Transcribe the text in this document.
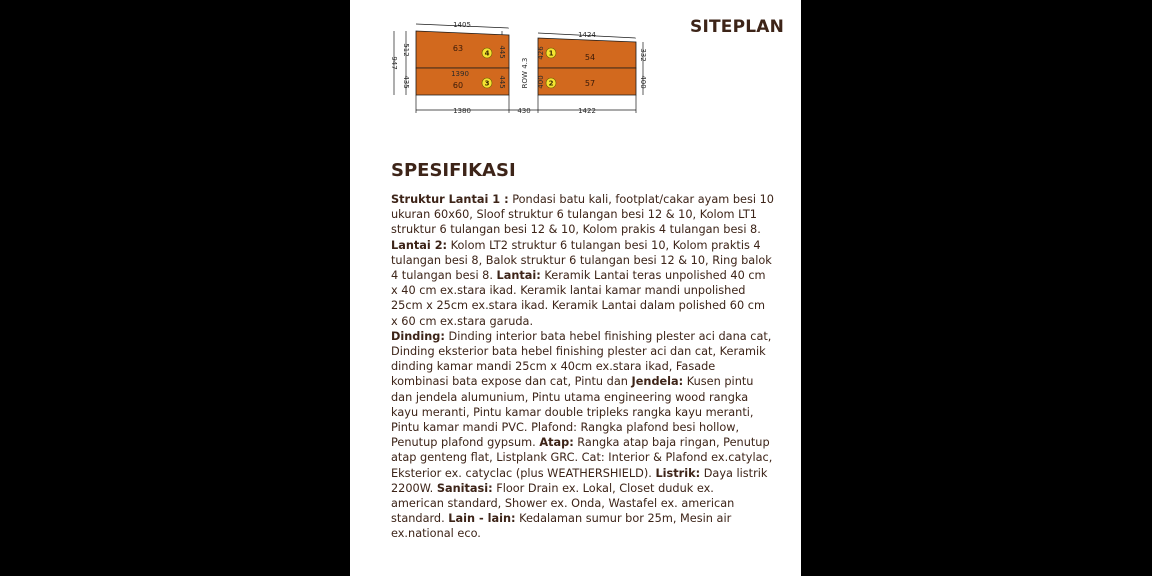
SITEPLAN
63
60
54
57
4
3
1
2
1405
1424
1390
1380	430	1422
947
512
435
445
445
426
400
332
400
ROW 4.3
SPESIFIKASI
Struktur Lantai 1 : Pondasi batu kali, footplat/cakar ayam besi 10
ukuran 60x60, Sloof struktur 6 tulangan besi 12 & 10, Kolom LT1
struktur 6 tulangan besi 12 & 10, Kolom prakis 4 tulangan besi 8.
Lantai 2: Kolom LT2 struktur 6 tulangan besi 10, Kolom praktis 4
tulangan besi 8, Balok struktur 6 tulangan besi 12 & 10, Ring balok
4 tulangan besi 8. Lantai: Keramik Lantai teras unpolished 40 cm
x 40 cm ex.stara ikad. Keramik lantai kamar mandi unpolished
25cm x 25cm ex.stara ikad. Keramik Lantai dalam polished 60 cm
x 60 cm ex.stara garuda.
Dinding: Dinding interior bata hebel finishing plester aci dana cat,
Dinding eksterior bata hebel finishing plester aci dan cat, Keramik
dinding kamar mandi 25cm x 40cm ex.stara ikad, Fasade
kombinasi bata expose dan cat, Pintu dan Jendela: Kusen pintu
dan jendela alumunium, Pintu utama engineering wood rangka
kayu meranti, Pintu kamar double tripleks rangka kayu meranti,
Pintu kamar mandi PVC. Plafond: Rangka plafond besi hollow,
Penutup plafond gypsum. Atap: Rangka atap baja ringan, Penutup
atap genteng flat, Listplank GRC. Cat: Interior & Plafond ex.catylac,
Eksterior ex. catyclac (plus WEATHERSHIELD). Listrik: Daya listrik
2200W. Sanitasi: Floor Drain ex. Lokal, Closet duduk ex.
american standard, Shower ex. Onda, Wastafel ex. american
standard. Lain - lain: Kedalaman sumur bor 25m, Mesin air
ex.national eco.
